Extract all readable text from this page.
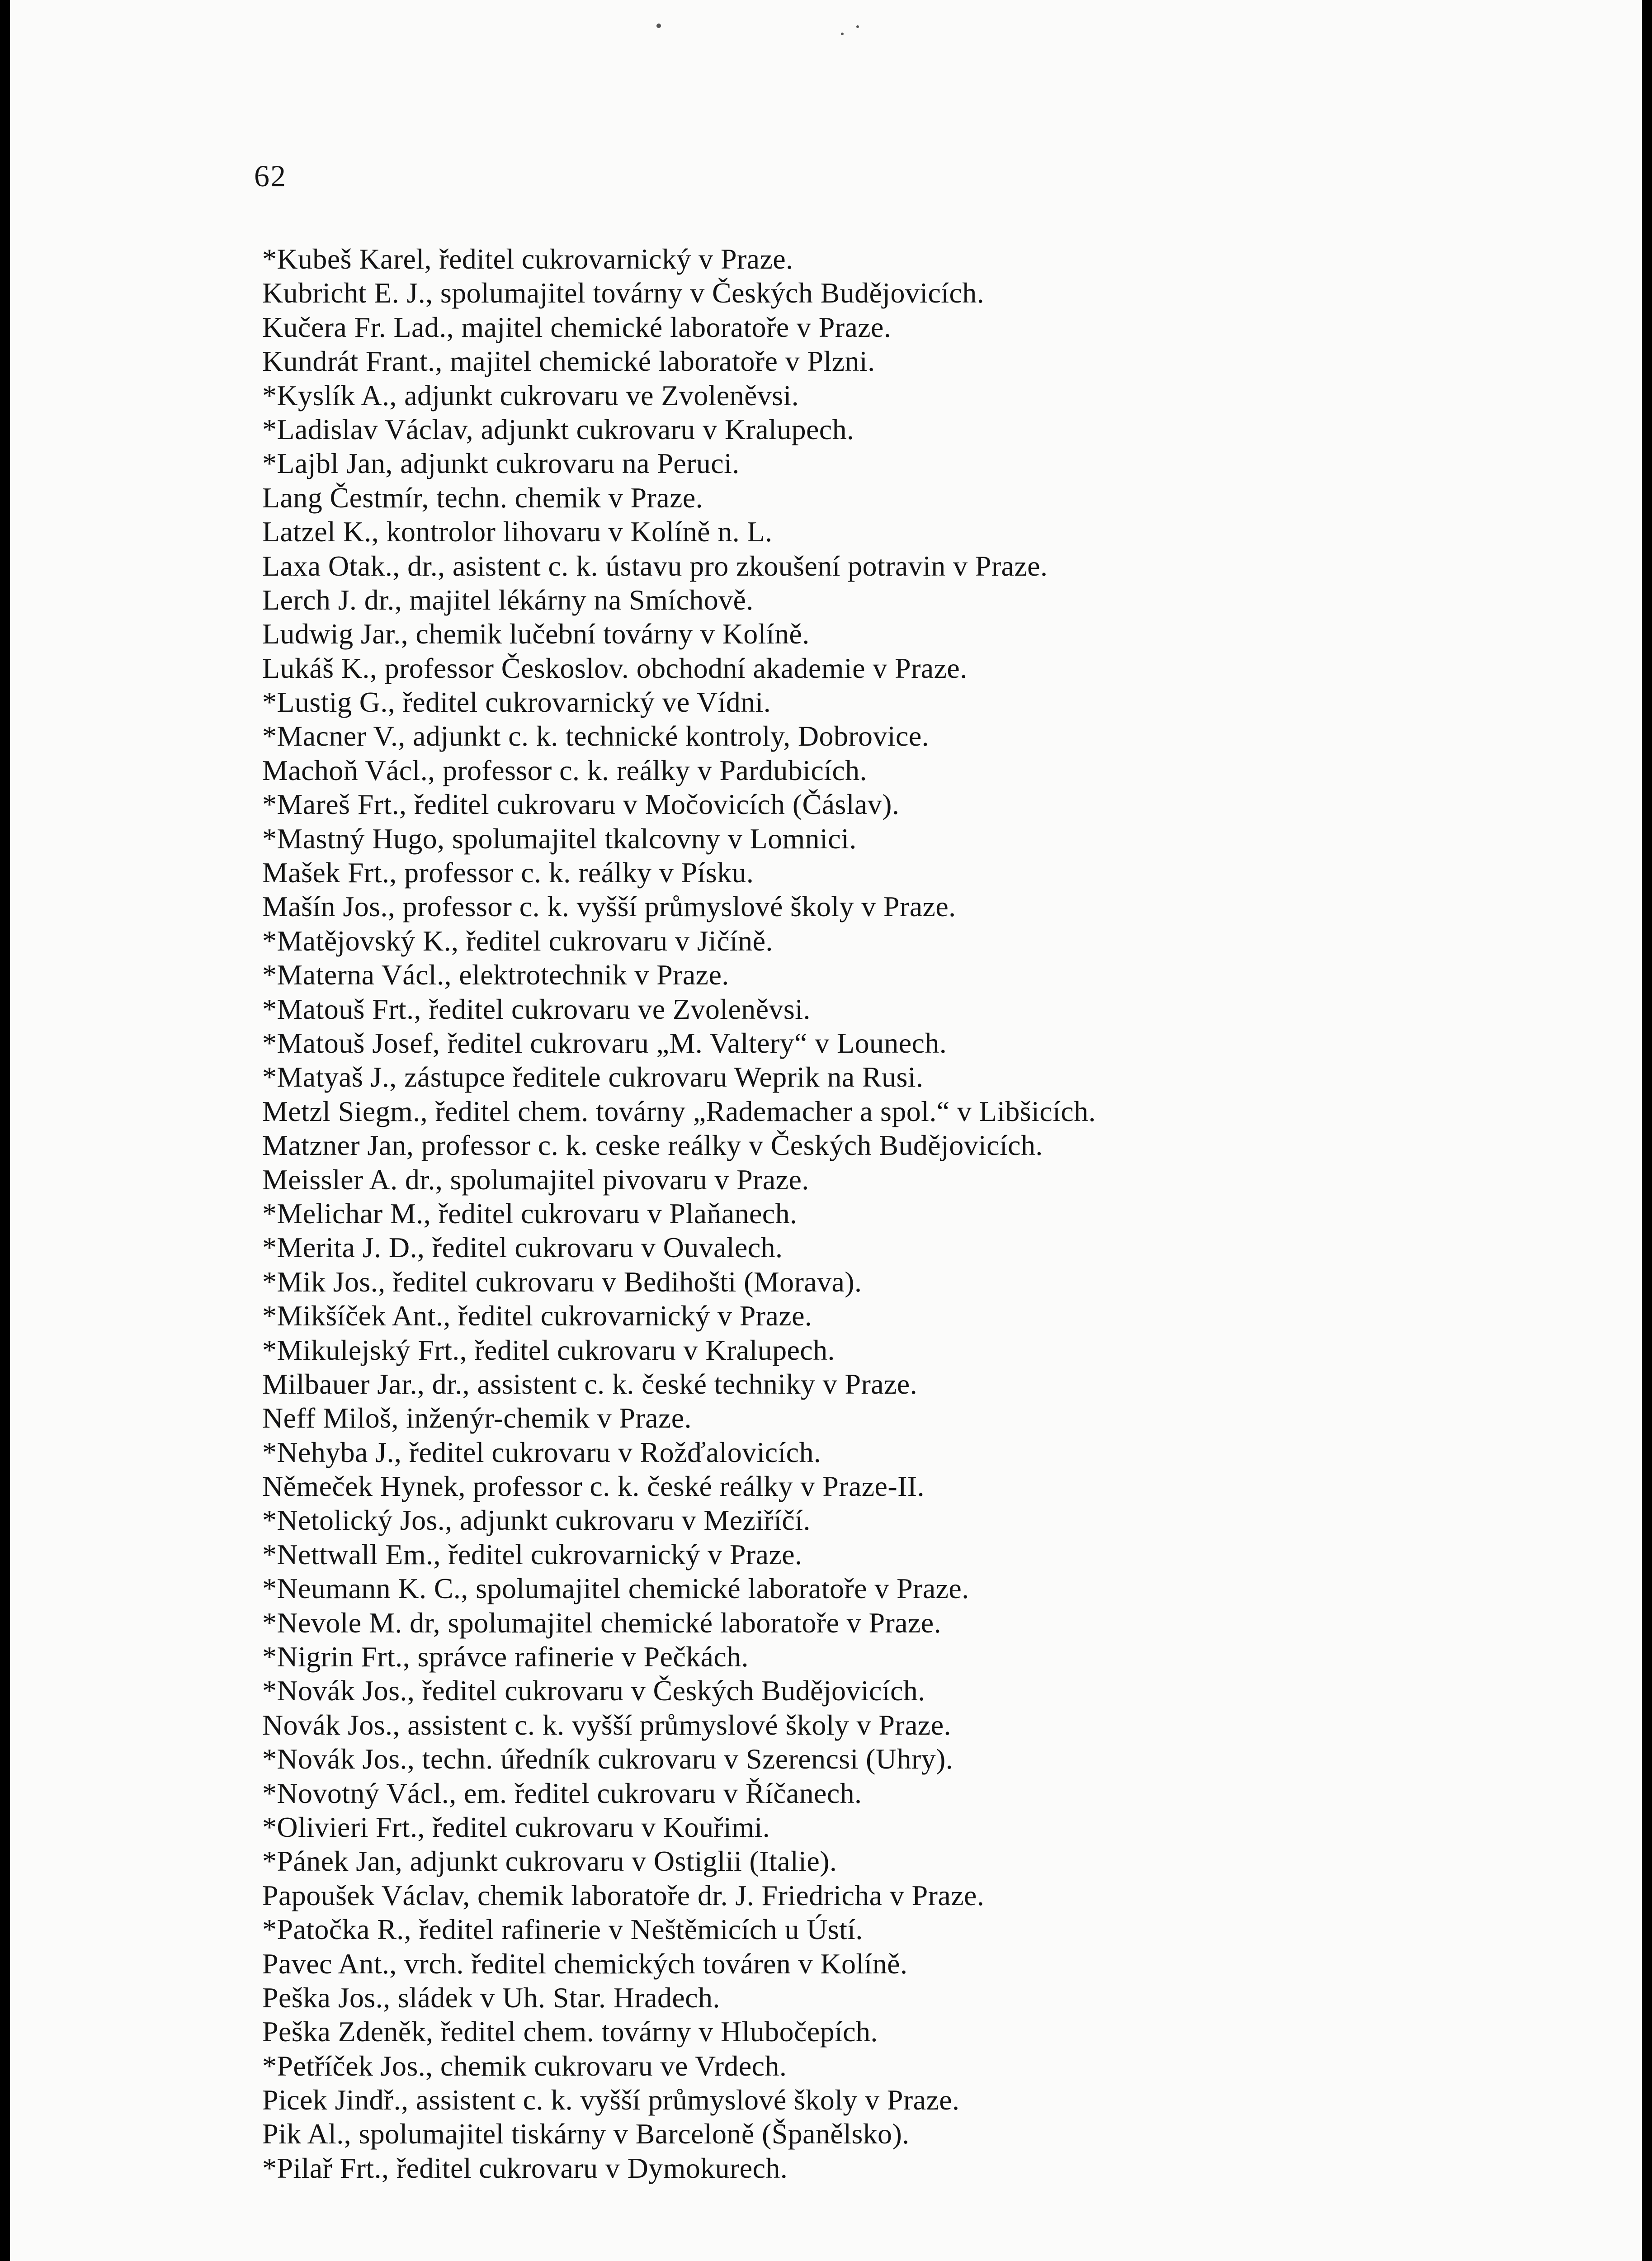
62
*Kubeš Karel, ředitel cukrovarnický v Praze.
Kubricht E. J., spolumajitel továrny v Českých Budějovicích.
Kučera Fr. Lad., majitel chemické laboratoře v Praze.
Kundrát Frant., majitel chemické laboratoře v Plzni.
*Kyslík A., adjunkt cukrovaru ve Zvoleněvsi.
*Ladislav Václav, adjunkt cukrovaru v Kralupech.
*Lajbl Jan, adjunkt cukrovaru na Peruci.
Lang Čestmír, techn. chemik v Praze.
Latzel K., kontrolor lihovaru v Kolíně n. L.
Laxa Otak., dr., asistent c. k. ústavu pro zkoušení potravin v Praze.
Lerch J. dr., majitel lékárny na Smíchově.
Ludwig Jar., chemik lučební továrny v Kolíně.
Lukáš K., professor Českoslov. obchodní akademie v Praze.
*Lustig G., ředitel cukrovarnický ve Vídni.
*Macner V., adjunkt c. k. technické kontroly, Dobrovice.
Machoň Václ., professor c. k. reálky v Pardubicích.
*Mareš Frt., ředitel cukrovaru v Močovicích (Čáslav).
*Mastný Hugo, spolumajitel tkalcovny v Lomnici.
Mašek Frt., professor c. k. reálky v Písku.
Mašín Jos., professor c. k. vyšší průmyslové školy v Praze.
*Matějovský K., ředitel cukrovaru v Jičíně.
*Materna Václ., elektrotechnik v Praze.
*Matouš Frt., ředitel cukrovaru ve Zvoleněvsi.
*Matouš Josef, ředitel cukrovaru „M. Valtery“ v Lounech.
*Matyaš J., zástupce ředitele cukrovaru Weprik na Rusi.
Metzl Siegm., ředitel chem. továrny „Rademacher a spol.“ v Libšicích.
Matzner Jan, professor c. k. ceske reálky v Českých Budějovicích.
Meissler A. dr., spolumajitel pivovaru v Praze.
*Melichar M., ředitel cukrovaru v Plaňanech.
*Merita J. D., ředitel cukrovaru v Ouvalech.
*Mik Jos., ředitel cukrovaru v Bedihošti (Morava).
*Mikšíček Ant., ředitel cukrovarnický v Praze.
*Mikulejský Frt., ředitel cukrovaru v Kralupech.
Milbauer Jar., dr., assistent c. k. české techniky v Praze.
Neff Miloš, inženýr-chemik v Praze.
*Nehyba J., ředitel cukrovaru v Rožďalovicích.
Němeček Hynek, professor c. k. české reálky v Praze-II.
*Netolický Jos., adjunkt cukrovaru v Meziříčí.
*Nettwall Em., ředitel cukrovarnický v Praze.
*Neumann K. C., spolumajitel chemické laboratoře v Praze.
*Nevole M. dr, spolumajitel chemické laboratoře v Praze.
*Nigrin Frt., správce rafinerie v Pečkách.
*Novák Jos., ředitel cukrovaru v Českých Budějovicích.
Novák Jos., assistent c. k. vyšší průmyslové školy v Praze.
*Novák Jos., techn. úředník cukrovaru v Szerencsi (Uhry).
*Novotný Václ., em. ředitel cukrovaru v Říčanech.
*Olivieri Frt., ředitel cukrovaru v Kouřimi.
*Pánek Jan, adjunkt cukrovaru v Ostiglii (Italie).
Papoušek Václav, chemik laboratoře dr. J. Friedricha v Praze.
*Patočka R., ředitel rafinerie v Neštěmicích u Ústí.
Pavec Ant., vrch. ředitel chemických továren v Kolíně.
Peška Jos., sládek v Uh. Star. Hradech.
Peška Zdeněk, ředitel chem. továrny v Hlubočepích.
*Petříček Jos., chemik cukrovaru ve Vrdech.
Picek Jindř., assistent c. k. vyšší průmyslové školy v Praze.
Pik Al., spolumajitel tiskárny v Barceloně (Španělsko).
*Pilař Frt., ředitel cukrovaru v Dymokurech.
